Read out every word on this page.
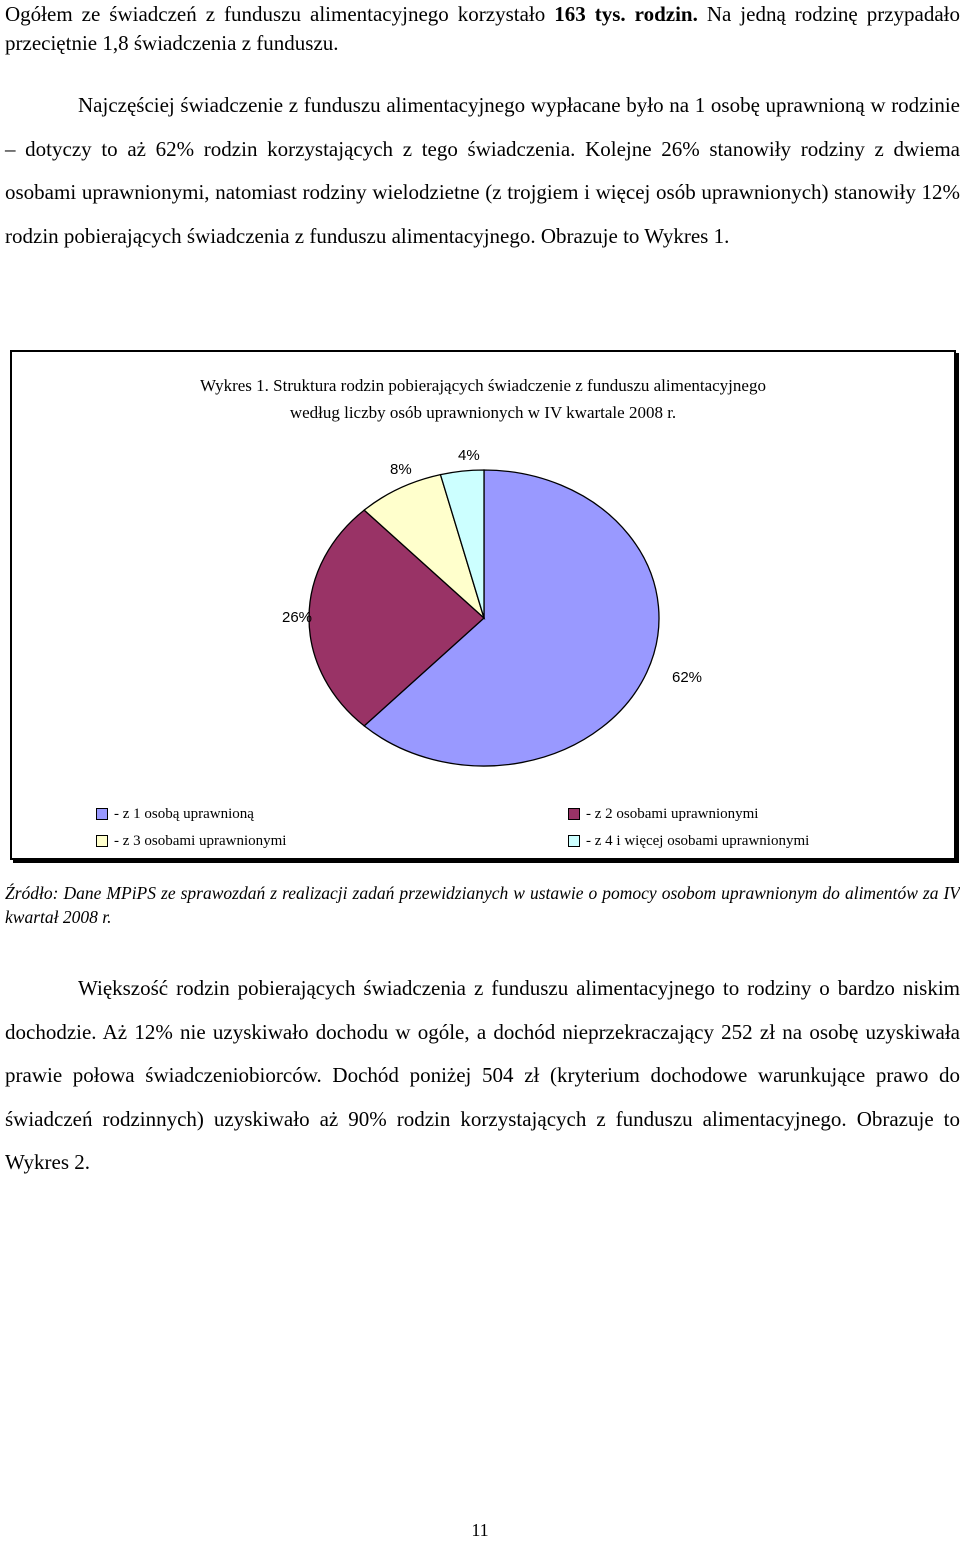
Ogółem ze świadczeń z funduszu alimentacyjnego korzystało 163 tys. rodzin. Na jedną rodzinę przypadało przeciętnie 1,8 świadczenia z funduszu.

Najczęściej świadczenie z funduszu alimentacyjnego wypłacane było na 1 osobę uprawnioną w rodzinie – dotyczy to aż 62% rodzin korzystających z tego świadczenia. Kolejne 26% stanowiły rodziny z dwiema osobami uprawnionymi, natomiast rodziny wielodzietne (z trojgiem i więcej osób uprawnionych) stanowiły 12% rodzin pobierających świadczenia z funduszu alimentacyjnego. Obrazuje to Wykres 1.

Wykres 1. Struktura rodzin pobierających świadczenie z funduszu alimentacyjnego
według liczby osób uprawnionych w IV kwartale 2008 r.
62%
26%
8%
4%
- z 1 osobą uprawnioną	- z 2 osobami uprawnionymi
- z 3 osobami uprawnionymi	- z 4 i więcej osobami uprawnionymi

Źródło: Dane MPiPS ze sprawozdań z realizacji zadań przewidzianych w ustawie o pomocy osobom uprawnionym do alimentów za IV kwartał 2008 r.

Większość rodzin pobierających świadczenia z funduszu alimentacyjnego to rodziny o bardzo niskim dochodzie. Aż 12% nie uzyskiwało dochodu w ogóle, a dochód nieprzekraczający 252 zł na osobę uzyskiwała prawie połowa świadczeniobiorców. Dochód poniżej 504 zł (kryterium dochodowe warunkujące prawo do świadczeń rodzinnych) uzyskiwało aż 90% rodzin korzystających z funduszu alimentacyjnego. Obrazuje to Wykres 2.

11
